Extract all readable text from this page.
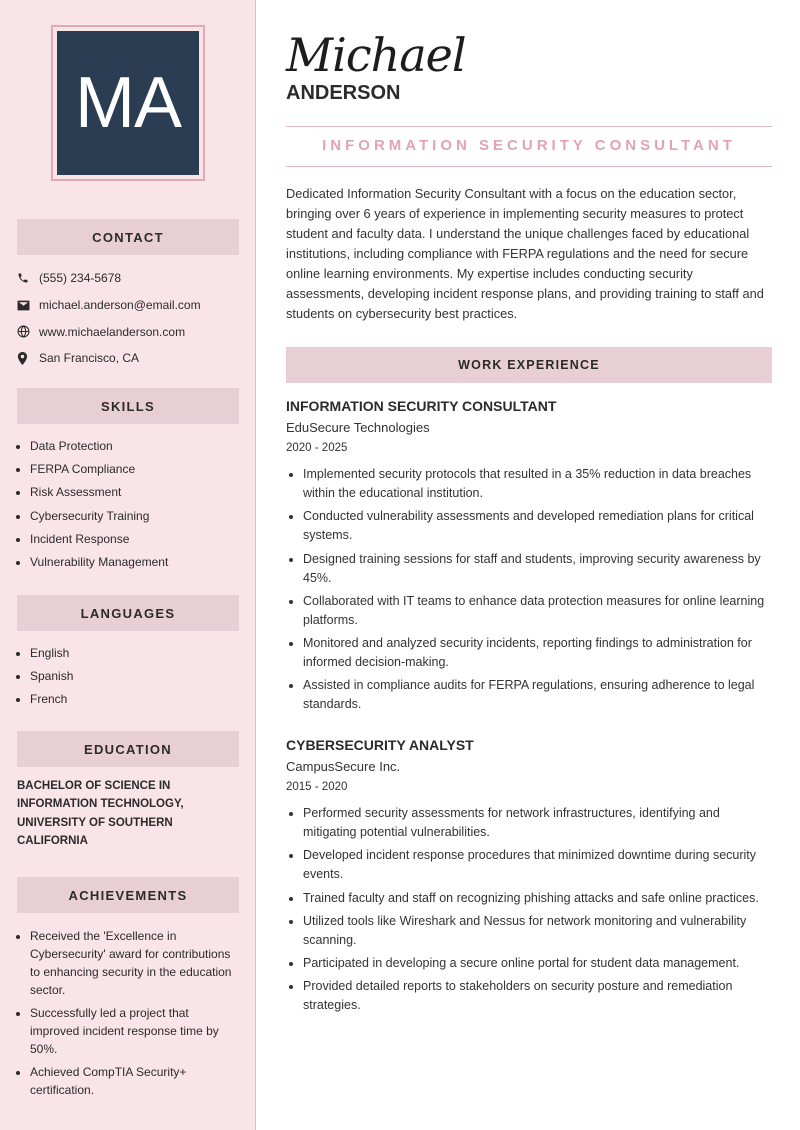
MA
CONTACT
(555) 234-5678
michael.anderson@email.com
www.michaelanderson.com
San Francisco, CA
SKILLS
• Data Protection
• FERPA Compliance
• Risk Assessment
• Cybersecurity Training
• Incident Response
• Vulnerability Management
LANGUAGES
• English
• Spanish
• French
EDUCATION
BACHELOR OF SCIENCE IN INFORMATION TECHNOLOGY, UNIVERSITY OF SOUTHERN CALIFORNIA
ACHIEVEMENTS
• Received the 'Excellence in Cybersecurity' award for contributions to enhancing security in the education sector.
• Successfully led a project that improved incident response time by 50%.
• Achieved CompTIA Security+ certification.
Michael
ANDERSON
INFORMATION SECURITY CONSULTANT

Dedicated Information Security Consultant with a focus on the education sector, bringing over 6 years of experience in implementing security measures to protect student and faculty data. I understand the unique challenges faced by educational institutions, including compliance with FERPA regulations and the need for secure online learning environments. My expertise includes conducting security assessments, developing incident response plans, and providing training to staff and students on cybersecurity best practices.

WORK EXPERIENCE
INFORMATION SECURITY CONSULTANT
EduSecure Technologies
2020 - 2025
• Implemented security protocols that resulted in a 35% reduction in data breaches within the educational institution.
• Conducted vulnerability assessments and developed remediation plans for critical systems.
• Designed training sessions for staff and students, improving security awareness by 45%.
• Collaborated with IT teams to enhance data protection measures for online learning platforms.
• Monitored and analyzed security incidents, reporting findings to administration for informed decision-making.
• Assisted in compliance audits for FERPA regulations, ensuring adherence to legal standards.
CYBERSECURITY ANALYST
CampusSecure Inc.
2015 - 2020
• Performed security assessments for network infrastructures, identifying and mitigating potential vulnerabilities.
• Developed incident response procedures that minimized downtime during security events.
• Trained faculty and staff on recognizing phishing attacks and safe online practices.
• Utilized tools like Wireshark and Nessus for network monitoring and vulnerability scanning.
• Participated in developing a secure online portal for student data management.
• Provided detailed reports to stakeholders on security posture and remediation strategies.
